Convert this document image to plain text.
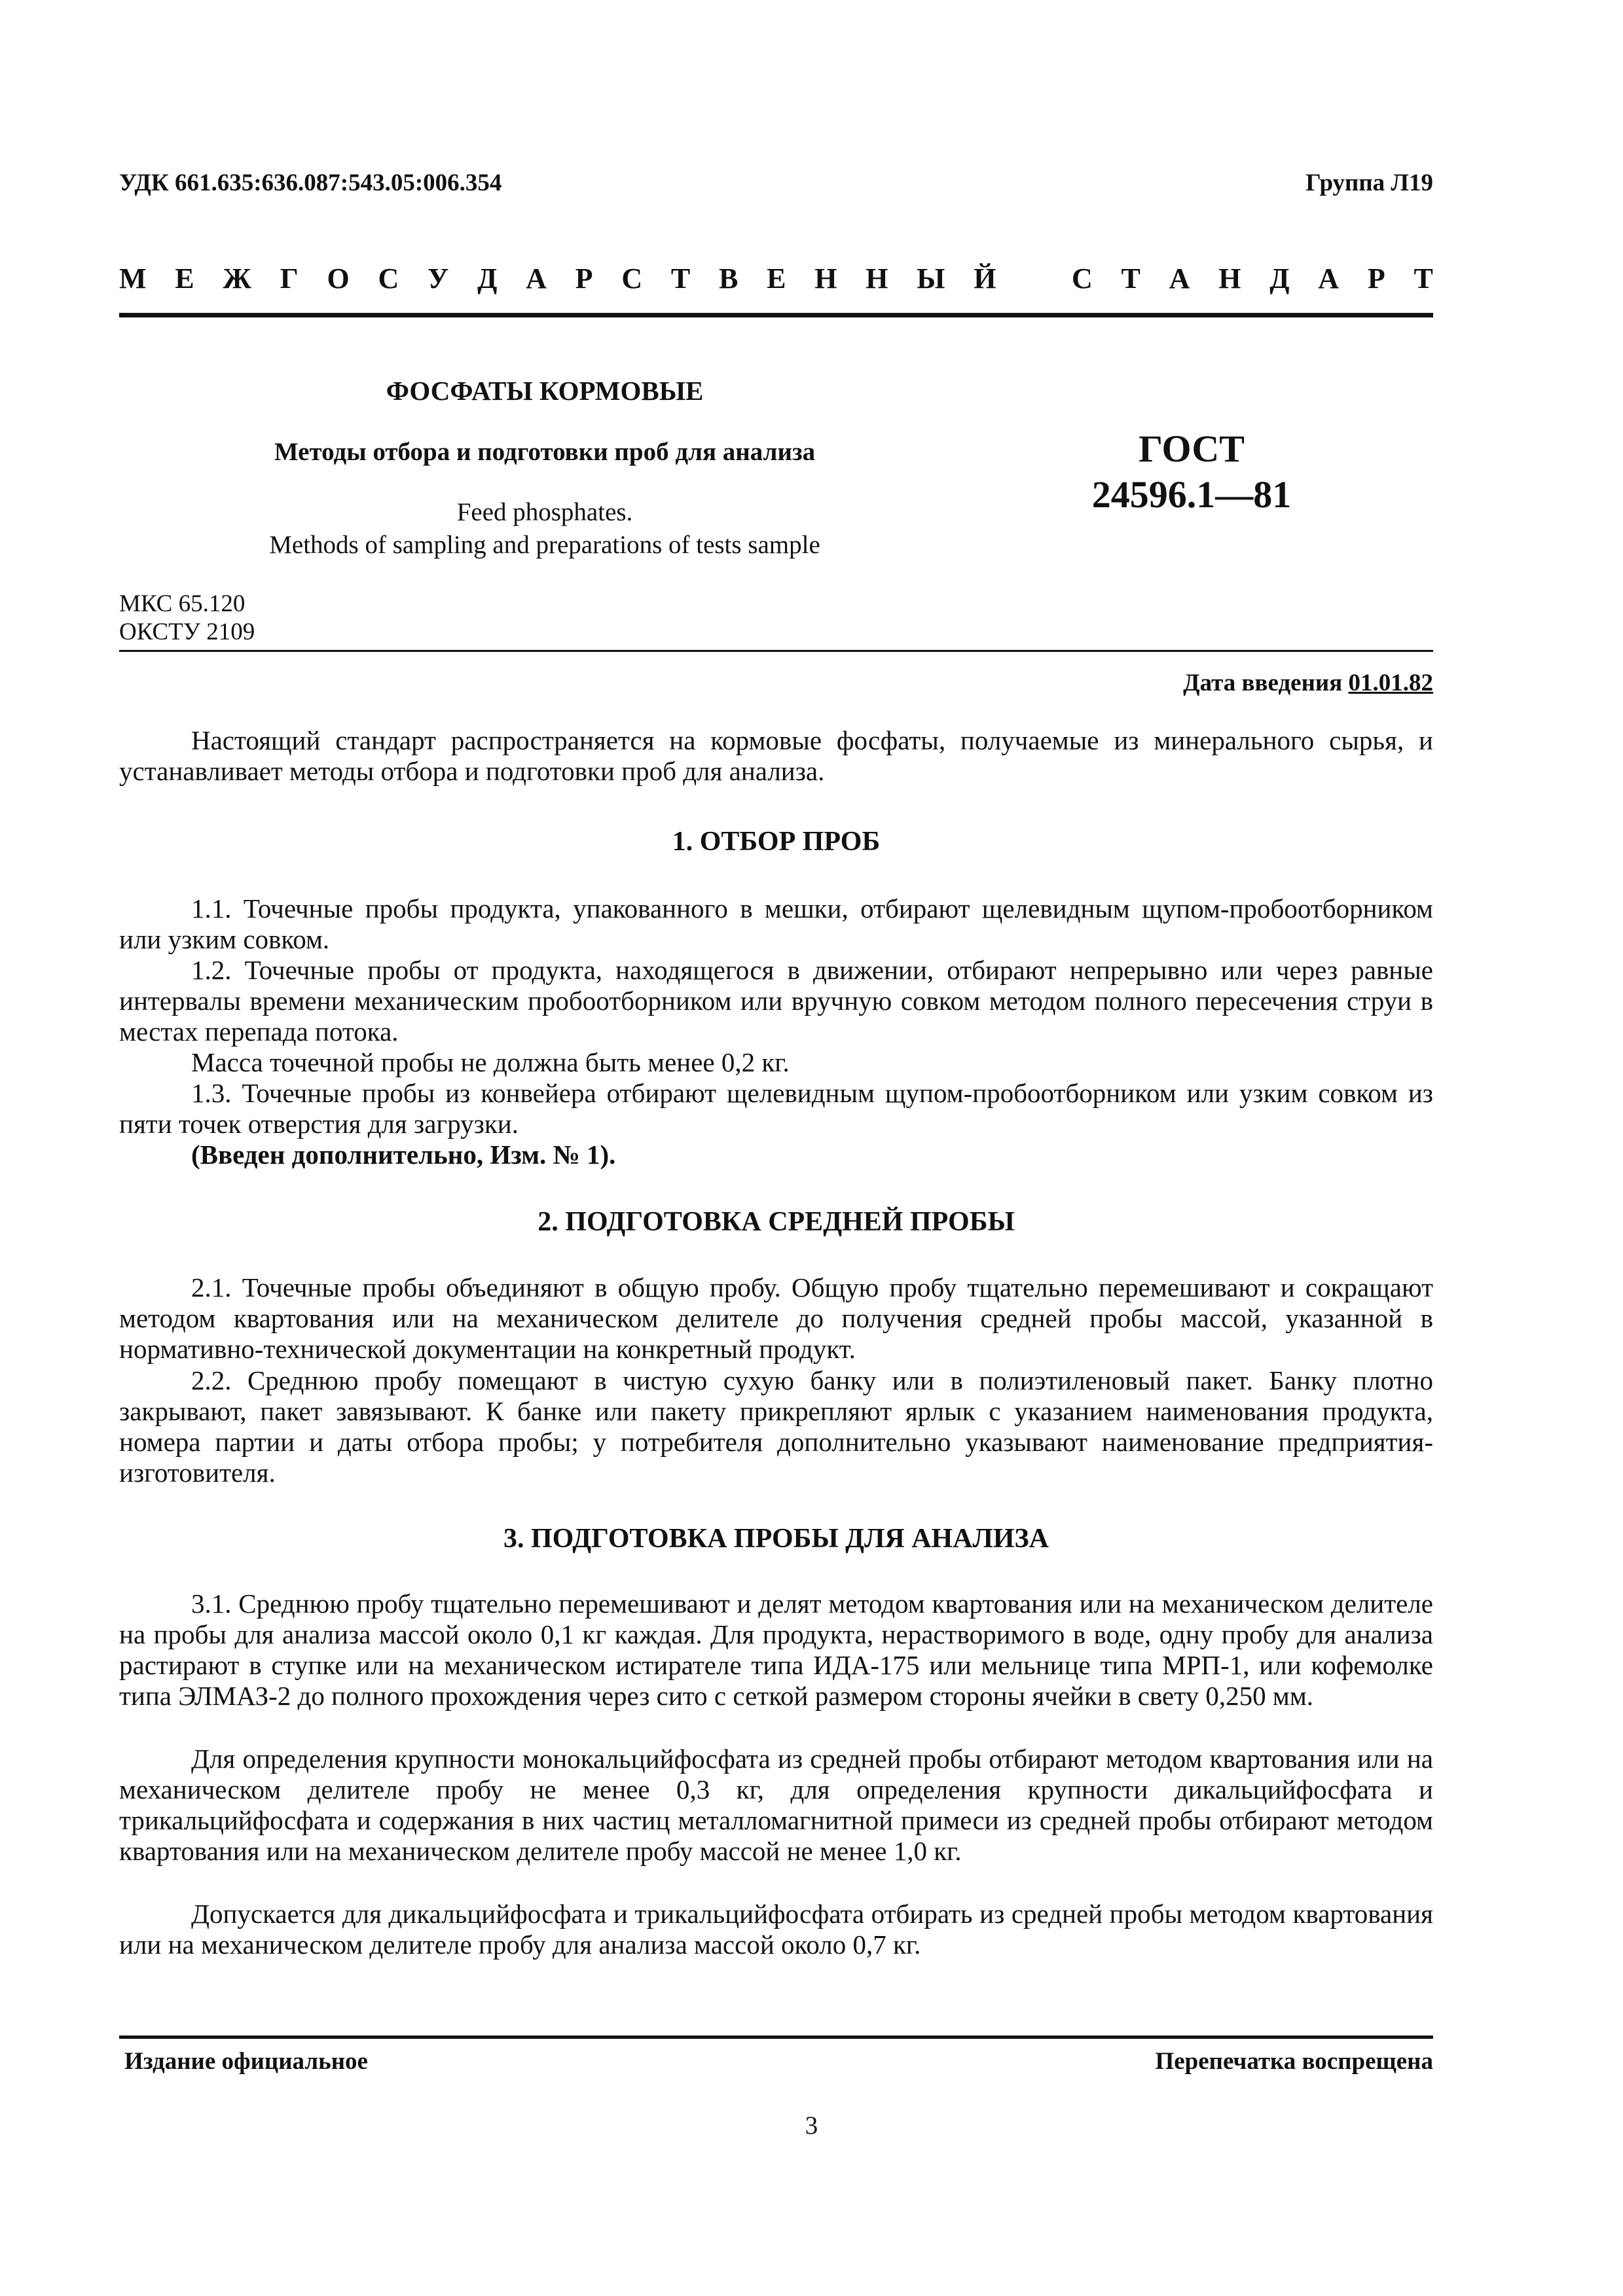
УДК 661.635:636.087:543.05:006.354	Группа Л19
М Е Ж Г О С У Д А Р С Т В Е Н Н Ы Й	С Т А Н Д А Р Т
ФОСФАТЫ КОРМОВЫЕ
Методы отбора и подготовки проб для анализа
Feed phosphates.
Methods of sampling and preparations of tests sample
ГОСТ
24596.1—81
МКС 65.120
ОКСТУ 2109
Дата введения 01.01.82
Настоящий стандарт распространяется на кормовые фосфаты, получаемые из минерального сырья, и устанавливает методы отбора и подготовки проб для анализа.
1. ОТБОР ПРОБ
1.1. Точечные пробы продукта, упакованного в мешки, отбирают щелевидным щупом-пробоотборником или узким совком.
1.2. Точечные пробы от продукта, находящегося в движении, отбирают непрерывно или через равные интервалы времени механическим пробоотборником или вручную совком методом полного пересечения струи в местах перепада потока.
Масса точечной пробы не должна быть менее 0,2 кг.
1.3. Точечные пробы из конвейера отбирают щелевидным щупом-пробоотборником или узким совком из пяти точек отверстия для загрузки.
(Введен дополнительно, Изм. № 1).
2. ПОДГОТОВКА СРЕДНЕЙ ПРОБЫ
2.1. Точечные пробы объединяют в общую пробу. Общую пробу тщательно перемешивают и сокращают методом квартования или на механическом делителе до получения средней пробы массой, указанной в нормативно-технической документации на конкретный продукт.
2.2. Среднюю пробу помещают в чистую сухую банку или в полиэтиленовый пакет. Банку плотно закрывают, пакет завязывают. К банке или пакету прикрепляют ярлык с указанием наименования продукта, номера партии и даты отбора пробы; у потребителя дополнительно указывают наименование предприятия-изготовителя.
3. ПОДГОТОВКА ПРОБЫ ДЛЯ АНАЛИЗА
3.1. Среднюю пробу тщательно перемешивают и делят методом квартования или на механическом делителе на пробы для анализа массой около 0,1 кг каждая. Для продукта, нерастворимого в воде, одну пробу для анализа растирают в ступке или на механическом истирателе типа ИДА-175 или мельнице типа МРП-1, или кофемолке типа ЭЛМАЗ-2 до полного прохождения через сито с сеткой размером стороны ячейки в свету 0,250 мм.
Для определения крупности монокальцийфосфата из средней пробы отбирают методом квартования или на механическом делителе пробу не менее 0,3 кг, для определения крупности дикальцийфосфата и трикальцийфосфата и содержания в них частиц металломагнитной примеси из средней пробы отбирают методом квартования или на механическом делителе пробу массой не менее 1,0 кг.
Допускается для дикальцийфосфата и трикальцийфосфата отбирать из средней пробы методом квартования или на механическом делителе пробу для анализа массой около 0,7 кг.
Издание официальное	Перепечатка воспрещена
3
